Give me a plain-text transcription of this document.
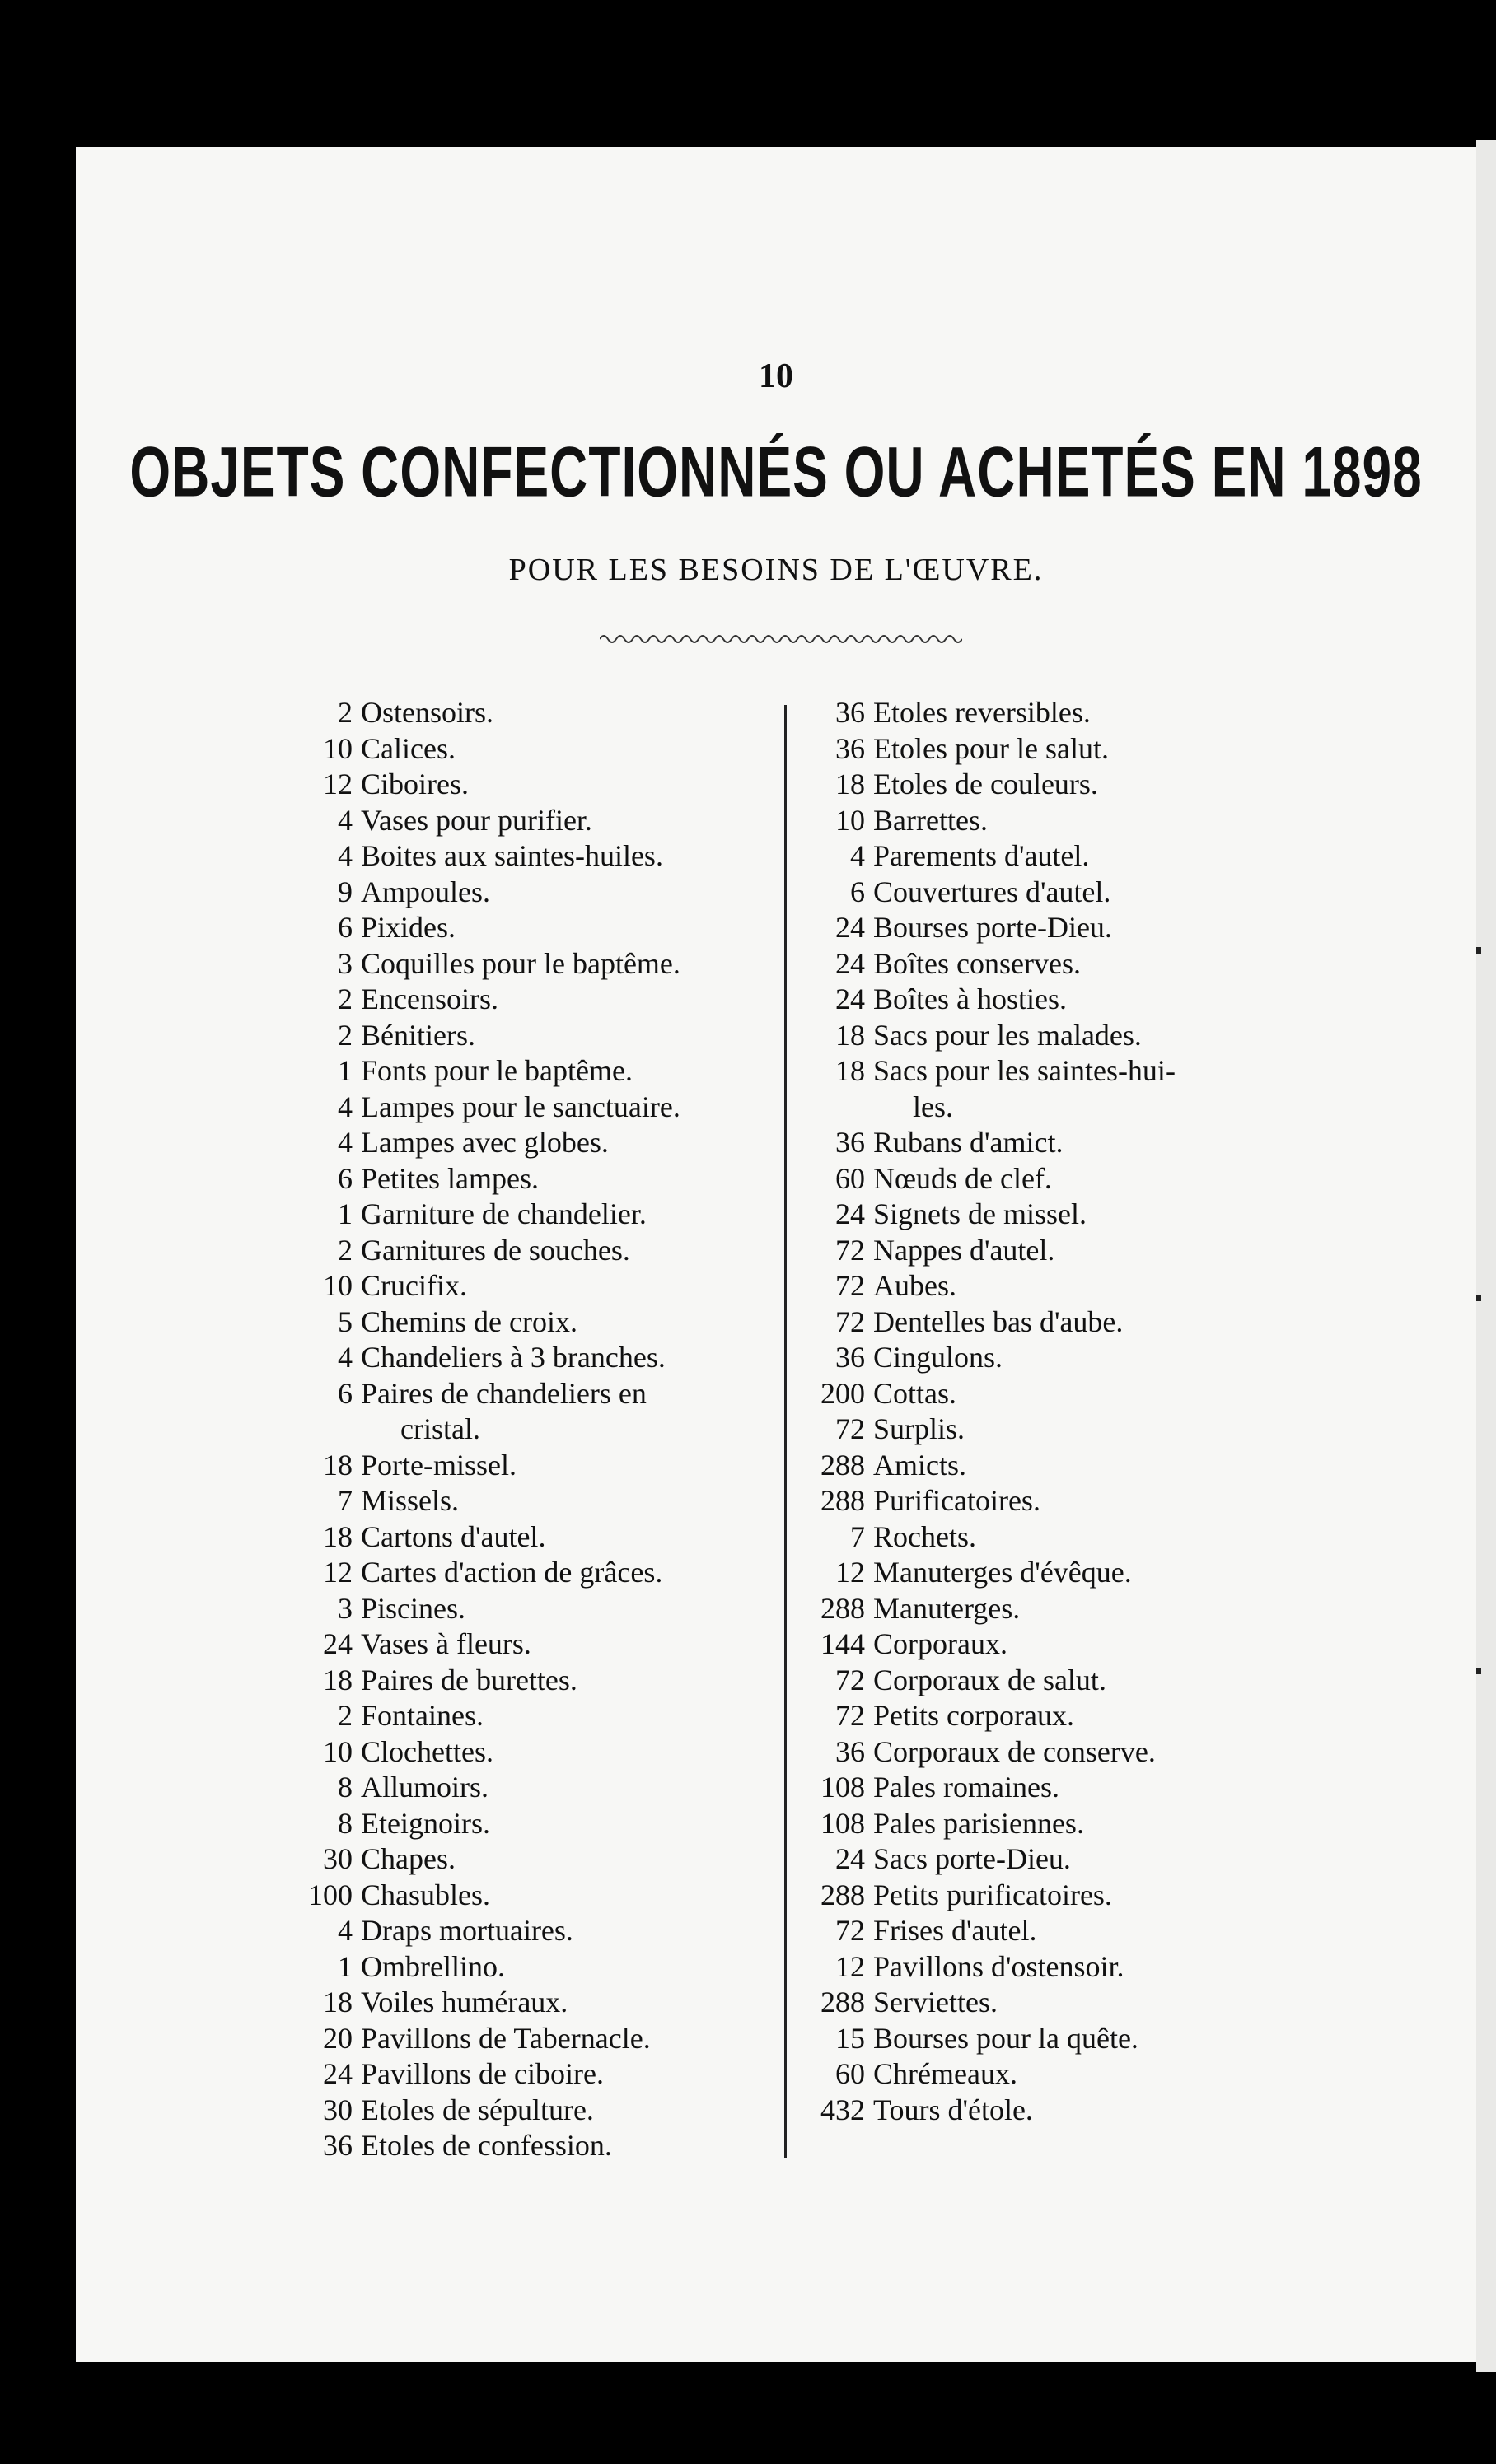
10
OBJETS CONFECTIONNÉS OU ACHETÉS EN 1898
POUR LES BESOINS DE L'ŒUVRE.
2 Ostensoirs.
10 Calices.
12 Ciboires.
4 Vases pour purifier.
4 Boites aux saintes-huiles.
9 Ampoules.
6 Pixides.
3 Coquilles pour le baptême.
2 Encensoirs.
2 Bénitiers.
1 Fonts pour le baptême.
4 Lampes pour le sanctuaire.
4 Lampes avec globes.
6 Petites lampes.
1 Garniture de chandelier.
2 Garnitures de souches.
10 Crucifix.
5 Chemins de croix.
4 Chandeliers à 3 branches.
6 Paires de chandeliers en
cristal.
18 Porte-missel.
7 Missels.
18 Cartons d'autel.
12 Cartes d'action de grâces.
3 Piscines.
24 Vases à fleurs.
18 Paires de burettes.
2 Fontaines.
10 Clochettes.
8 Allumoirs.
8 Eteignoirs.
30 Chapes.
100 Chasubles.
4 Draps mortuaires.
1 Ombrellino.
18 Voiles huméraux.
20 Pavillons de Tabernacle.
24 Pavillons de ciboire.
30 Etoles de sépulture.
36 Etoles de confession.
36 Etoles reversibles.
36 Etoles pour le salut.
18 Etoles de couleurs.
10 Barrettes.
4 Parements d'autel.
6 Couvertures d'autel.
24 Bourses porte-Dieu.
24 Boîtes conserves.
24 Boîtes à hosties.
18 Sacs pour les malades.
18 Sacs pour les saintes-hui-
les.
36 Rubans d'amict.
60 Nœuds de clef.
24 Signets de missel.
72 Nappes d'autel.
72 Aubes.
72 Dentelles bas d'aube.
36 Cingulons.
200 Cottas.
72 Surplis.
288 Amicts.
288 Purificatoires.
7 Rochets.
12 Manuterges d'évêque.
288 Manuterges.
144 Corporaux.
72 Corporaux de salut.
72 Petits corporaux.
36 Corporaux de conserve.
108 Pales romaines.
108 Pales parisiennes.
24 Sacs porte-Dieu.
288 Petits purificatoires.
72 Frises d'autel.
12 Pavillons d'ostensoir.
288 Serviettes.
15 Bourses pour la quête.
60 Chrémeaux.
432 Tours d'étole.
